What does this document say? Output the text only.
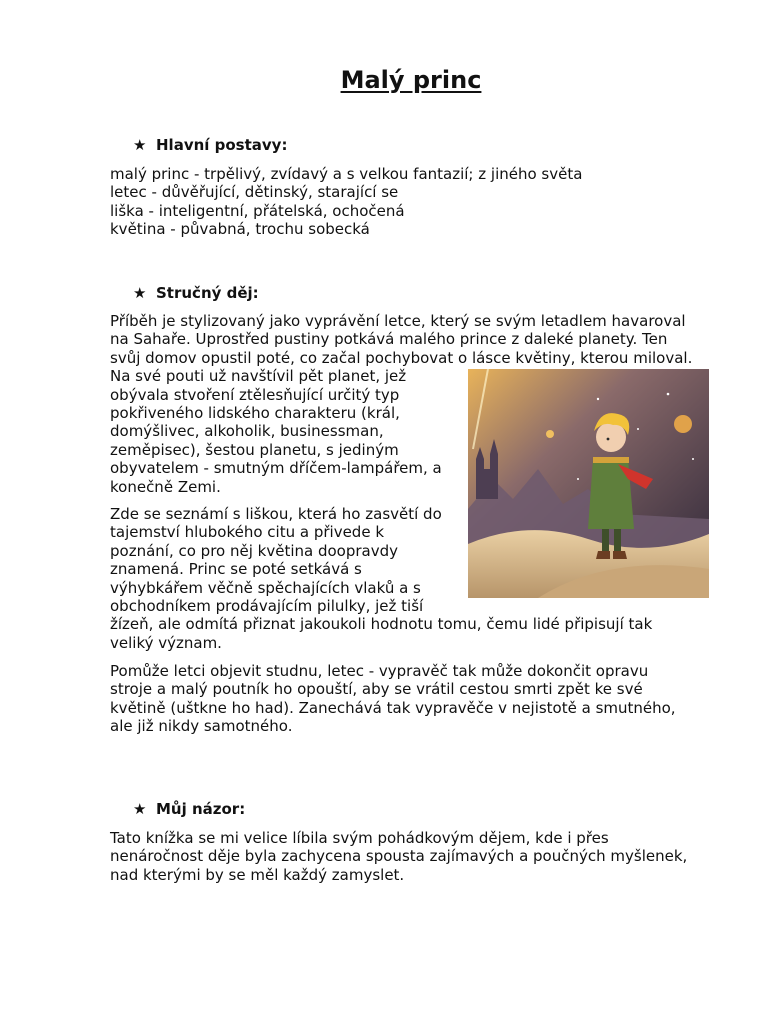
Malý princ
★ Hlavní postavy:
malý princ - trpělivý, zvídavý a s velkou fantazií; z jiného světa
letec - důvěřující, dětinský, starající se
liška - inteligentní, přátelská, ochočená
květina - půvabná, trochu sobecká
★ Stručný děj:
Příběh je stylizovaný jako vyprávění letce, který se svým letadlem havaroval
na Sahaře. Uprostřed pustiny potkává malého prince z daleké planety. Ten
svůj domov opustil poté, co začal pochybovat o lásce květiny, kterou miloval.
Na své pouti už navštívil pět planet, jež
obývala stvoření ztělesňující určitý typ
pokřiveného lidského charakteru (král,
domýšlivec, alkoholik, businessman,
zeměpisec), šestou planetu, s jediným
obyvatelem - smutným dříčem-lampářem, a
konečně Zemi.
Zde se seznámí s liškou, která ho zasvětí do
tajemství hlubokého citu a přivede k
poznání, co pro něj květina doopravdy
znamená. Princ se poté setkává s
výhybkářem věčně spěchajících vlaků a s
obchodníkem prodávajícím pilulky, jež tiší
žízeň, ale odmítá přiznat jakoukoli hodnotu tomu, čemu lidé připisují tak
veliký význam.
Pomůže letci objevit studnu, letec - vypravěč tak může dokončit opravu
stroje a malý poutník ho opouští, aby se vrátil cestou smrti zpět ke své
květině (uštkne ho had). Zanechává tak vypravěče v nejistotě a smutného,
ale již nikdy samotného.
★ Můj názor:
Tato knížka se mi velice líbila svým pohádkovým dějem, kde i přes
nenáročnost děje byla zachycena spousta zajímavých a poučných myšlenek,
nad kterými by se měl každý zamyslet.
